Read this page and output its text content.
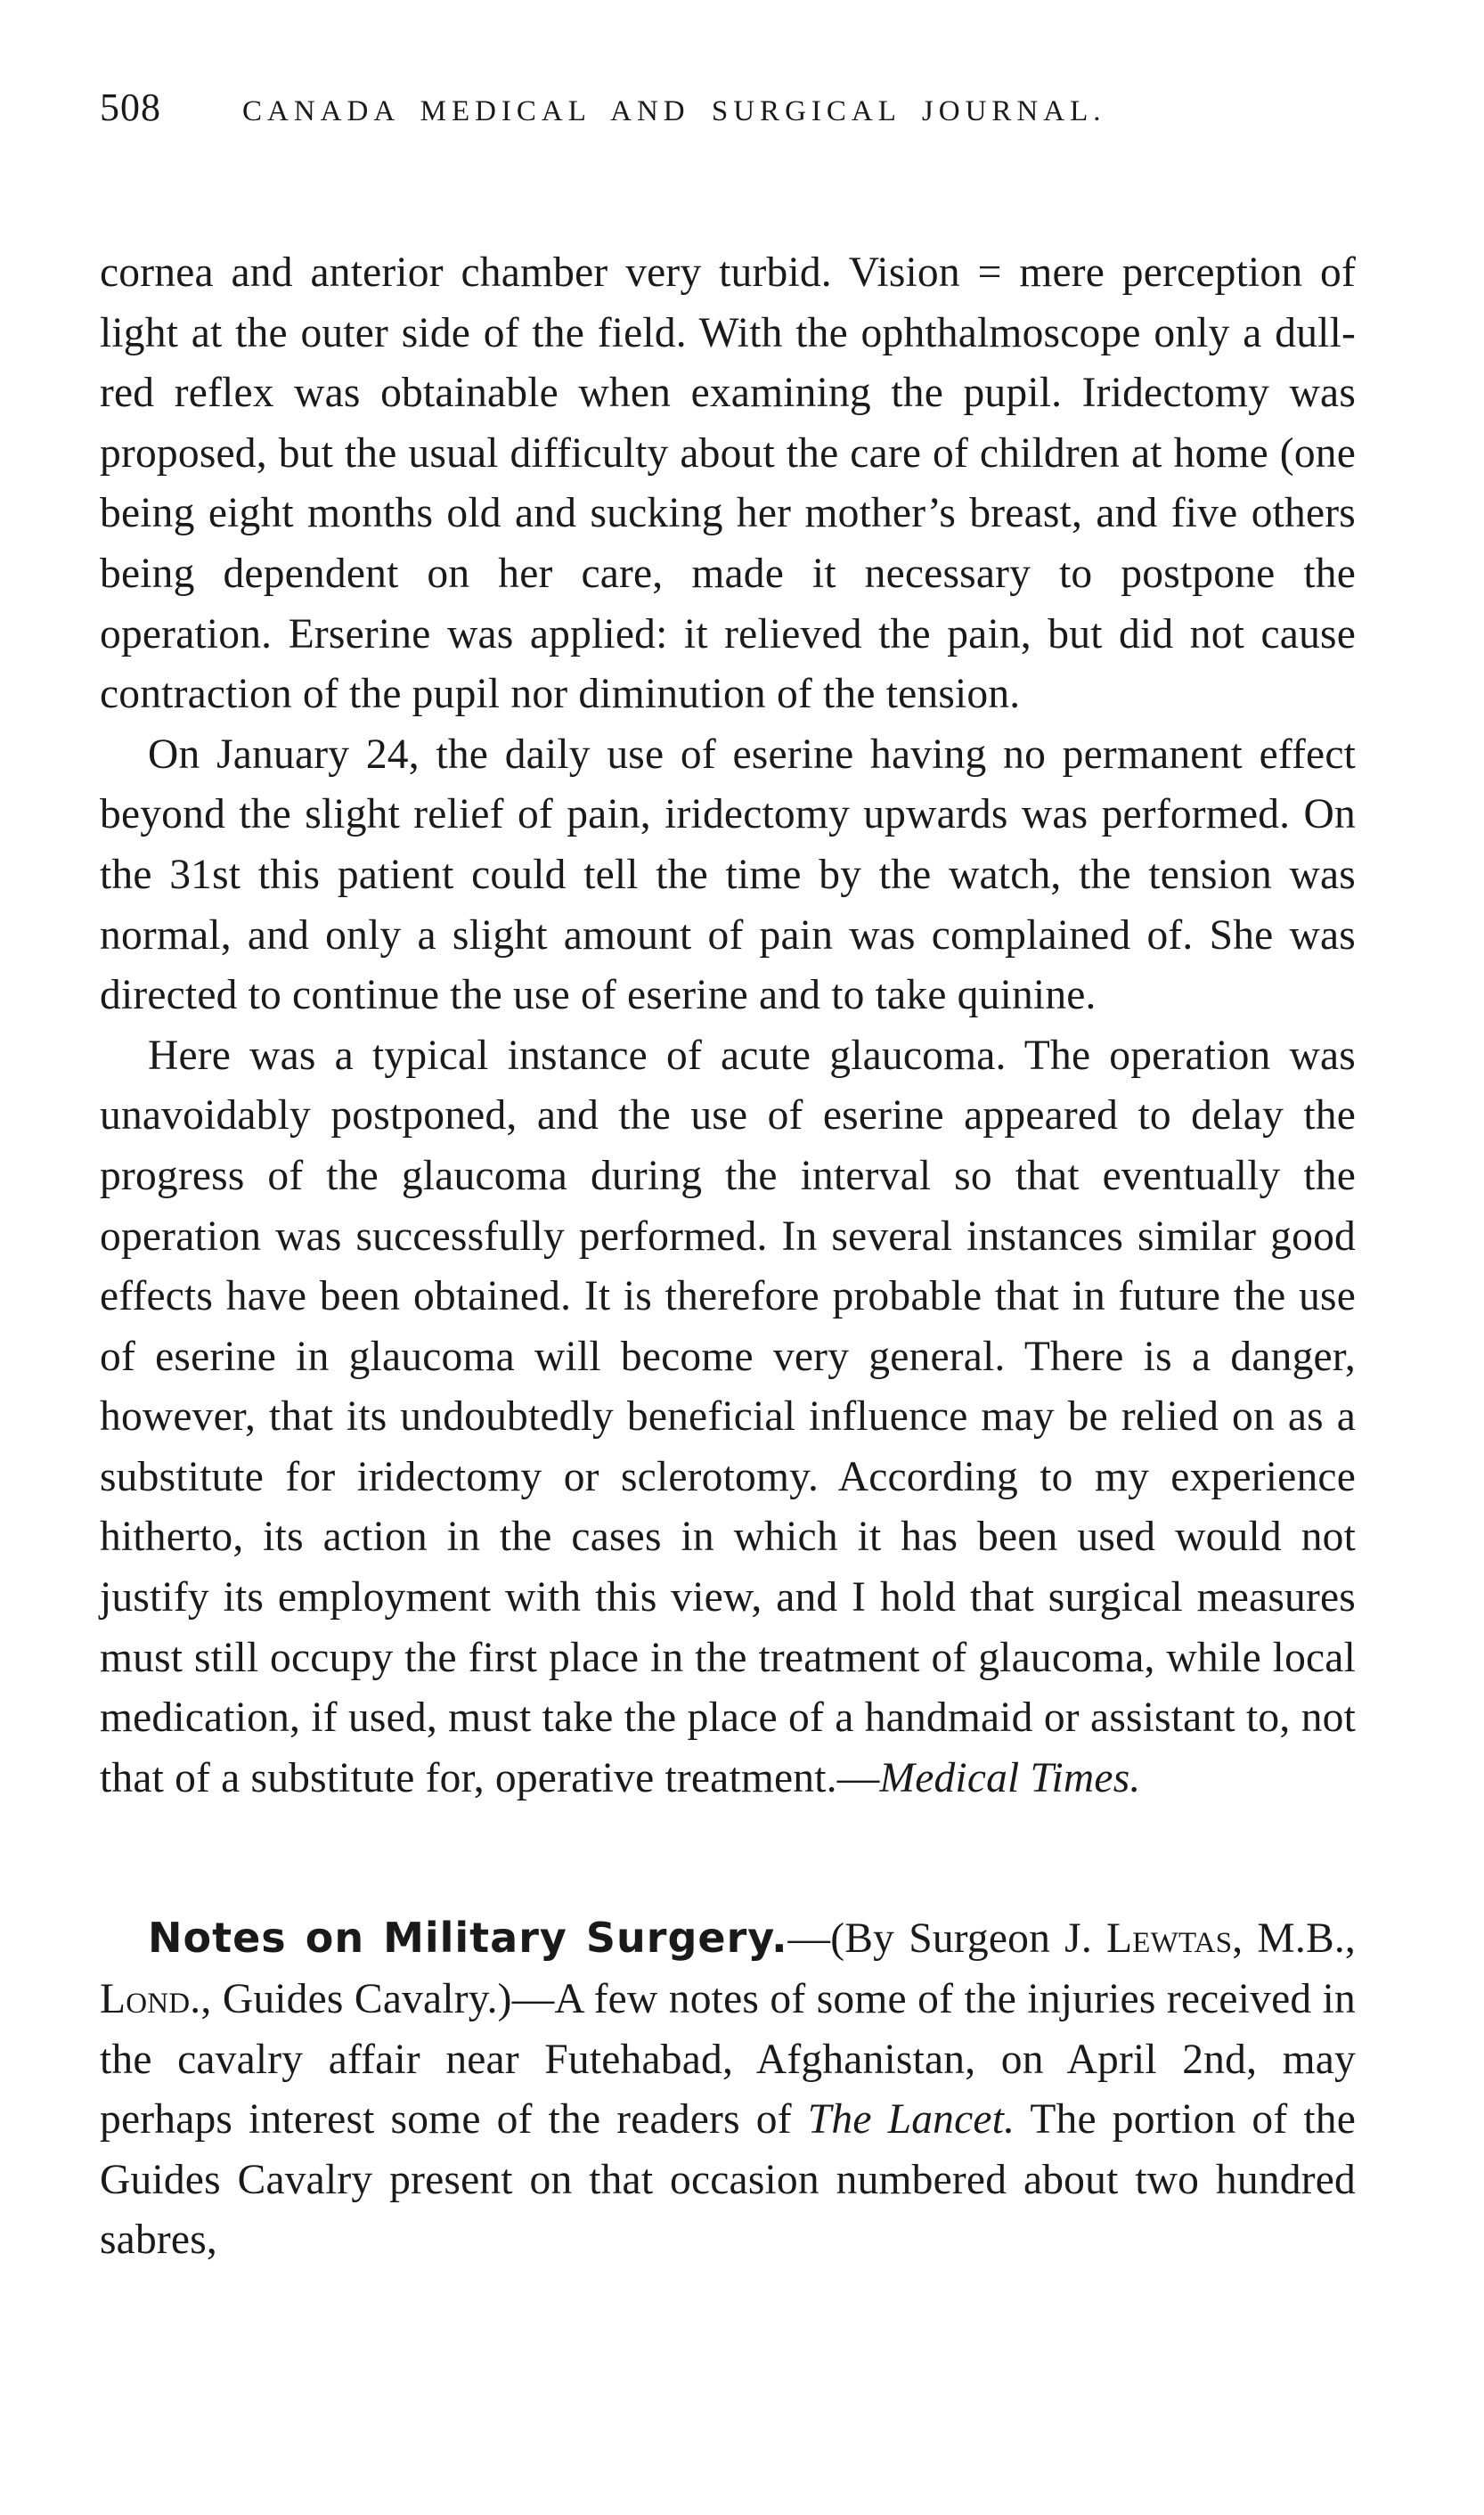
508	CANADA MEDICAL AND SURGICAL JOURNAL.

cornea and anterior chamber very turbid. Vision = mere perception of light at the outer side of the field. With the ophthalmoscope only a dull-red reflex was obtainable when examining the pupil. Iridectomy was proposed, but the usual difficulty about the care of children at home (one being eight months old and sucking her mother’s breast, and five others being dependent on her care, made it necessary to postpone the operation. Erserine was applied: it relieved the pain, but did not cause contraction of the pupil nor diminution of the tension.

On January 24, the daily use of eserine having no permanent effect beyond the slight relief of pain, iridectomy upwards was performed. On the 31st this patient could tell the time by the watch, the tension was normal, and only a slight amount of pain was complained of. She was directed to continue the use of eserine and to take quinine.

Here was a typical instance of acute glaucoma. The operation was unavoidably postponed, and the use of eserine appeared to delay the progress of the glaucoma during the interval so that eventually the operation was successfully performed. In several instances similar good effects have been obtained. It is therefore probable that in future the use of eserine in glaucoma will become very general. There is a danger, however, that its undoubtedly beneficial influence may be relied on as a substitute for iridectomy or sclerotomy. According to my experience hitherto, its action in the cases in which it has been used would not justify its employment with this view, and I hold that surgical measures must still occupy the first place in the treatment of glaucoma, while local medication, if used, must take the place of a handmaid or assistant to, not that of a substitute for, operative treatment.—Medical Times.

Notes on Military Surgery.—(By Surgeon J. Lewtas, M.B., Lond., Guides Cavalry.)—A few notes of some of the injuries received in the cavalry affair near Futehabad, Afghanistan, on April 2nd, may perhaps interest some of the readers of The Lancet. The portion of the Guides Cavalry present on that occasion numbered about two hundred sabres,
